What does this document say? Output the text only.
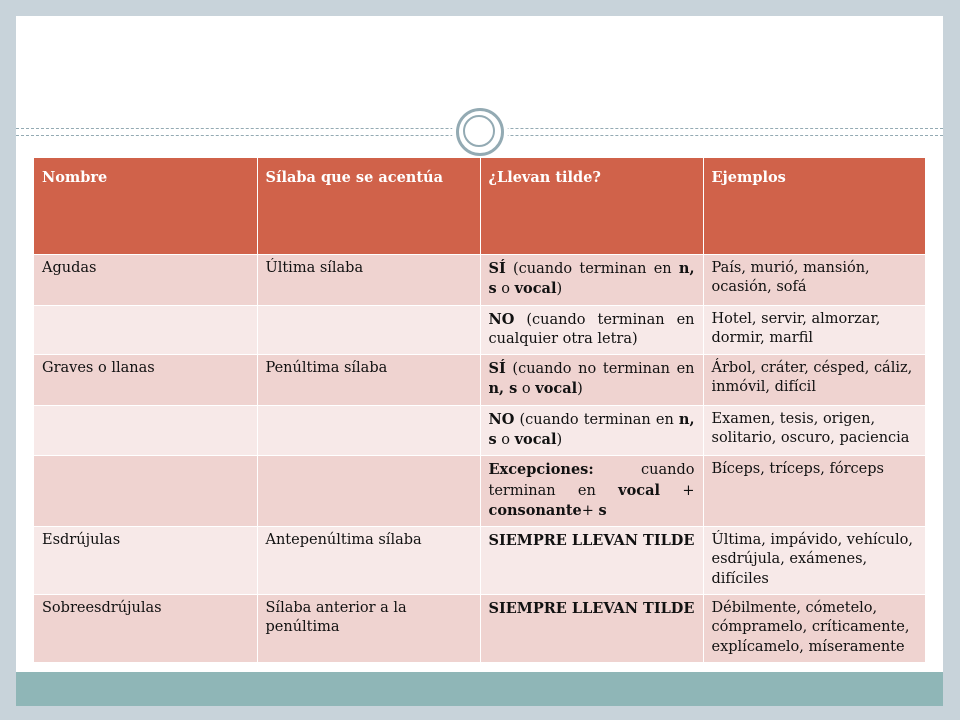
Nombre	Sílaba que se acentúa	¿Llevan tilde?	Ejemplos
Agudas	Última sílaba	SÍ (cuando terminan en n, s o vocal)	País, murió, mansión, ocasión, sofá
		NO (cuando terminan en cualquier otra letra)	Hotel, servir, almorzar, dormir, marfil
Graves o llanas	Penúltima sílaba	SÍ (cuando no terminan en n, s o vocal)	Árbol, cráter, césped, cáliz, inmóvil, difícil
		NO (cuando terminan en n, s o vocal)	Examen, tesis, origen, solitario, oscuro, paciencia
		Excepciones: cuando terminan en vocal + consonante+ s	Bíceps, tríceps, fórceps
Esdrújulas	Antepenúltima sílaba	SIEMPRE LLEVAN TILDE	Última, impávido, vehículo, esdrújula, exámenes, difíciles
Sobreesdrújulas	Sílaba anterior a la penúltima	SIEMPRE LLEVAN TILDE	Débilmente, cómetelo, cómpramelo, críticamente, explícamelo, míseramente
